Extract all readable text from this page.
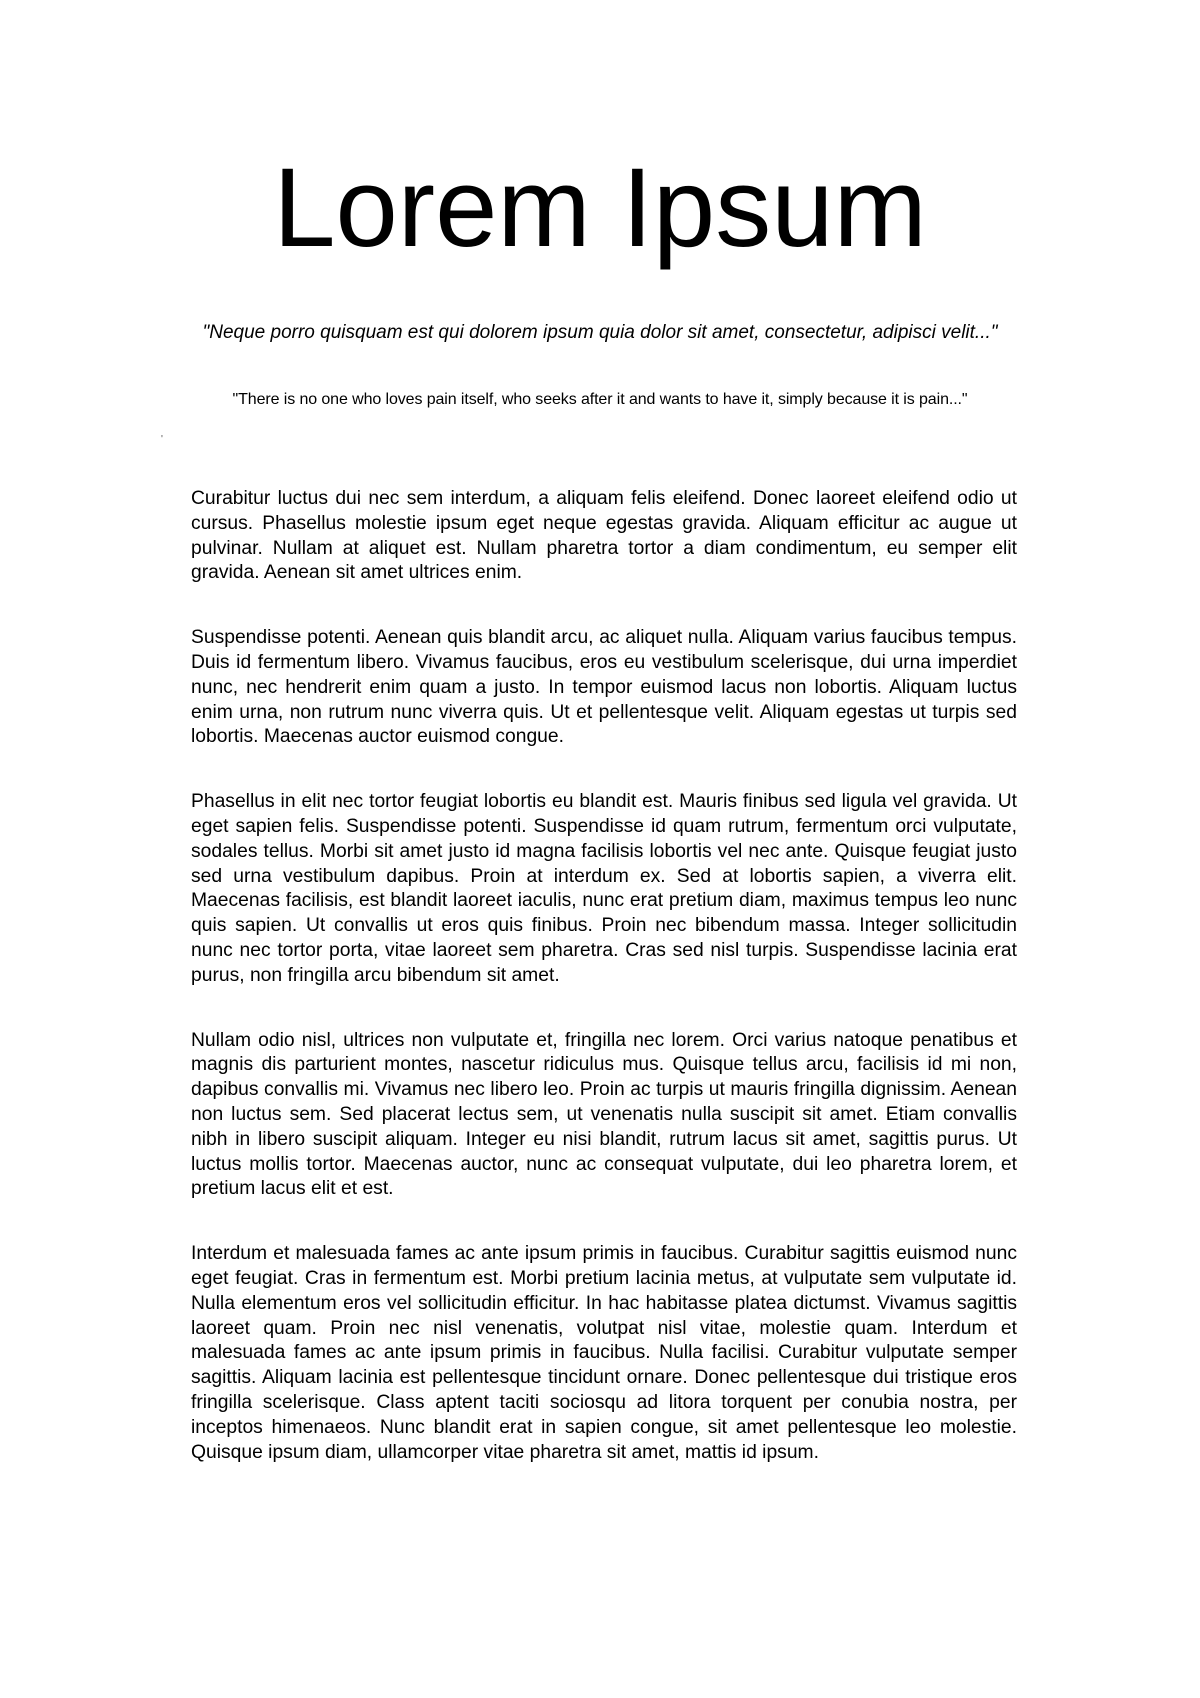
Lorem Ipsum

"Neque porro quisquam est qui dolorem ipsum quia dolor sit amet, consectetur, adipisci velit..."

"There is no one who loves pain itself, who seeks after it and wants to have it, simply because it is pain..."

'

Curabitur luctus dui nec sem interdum, a aliquam felis eleifend. Donec laoreet eleifend odio ut cursus. Phasellus molestie ipsum eget neque egestas gravida. Aliquam efficitur ac augue ut pulvinar. Nullam at aliquet est. Nullam pharetra tortor a diam condimentum, eu semper elit gravida. Aenean sit amet ultrices enim.

Suspendisse potenti. Aenean quis blandit arcu, ac aliquet nulla. Aliquam varius faucibus tempus. Duis id fermentum libero. Vivamus faucibus, eros eu vestibulum scelerisque, dui urna imperdiet nunc, nec hendrerit enim quam a justo. In tempor euismod lacus non lobortis. Aliquam luctus enim urna, non rutrum nunc viverra quis. Ut et pellentesque velit. Aliquam egestas ut turpis sed lobortis. Maecenas auctor euismod congue.

Phasellus in elit nec tortor feugiat lobortis eu blandit est. Mauris finibus sed ligula vel gravida. Ut eget sapien felis. Suspendisse potenti. Suspendisse id quam rutrum, fermentum orci vulputate, sodales tellus. Morbi sit amet justo id magna facilisis lobortis vel nec ante. Quisque feugiat justo sed urna vestibulum dapibus. Proin at interdum ex. Sed at lobortis sapien, a viverra elit. Maecenas facilisis, est blandit laoreet iaculis, nunc erat pretium diam, maximus tempus leo nunc quis sapien. Ut convallis ut eros quis finibus. Proin nec bibendum massa. Integer sollicitudin nunc nec tortor porta, vitae laoreet sem pharetra. Cras sed nisl turpis. Suspendisse lacinia erat purus, non fringilla arcu bibendum sit amet.

Nullam odio nisl, ultrices non vulputate et, fringilla nec lorem. Orci varius natoque penatibus et magnis dis parturient montes, nascetur ridiculus mus. Quisque tellus arcu, facilisis id mi non, dapibus convallis mi. Vivamus nec libero leo. Proin ac turpis ut mauris fringilla dignissim. Aenean non luctus sem. Sed placerat lectus sem, ut venenatis nulla suscipit sit amet. Etiam convallis nibh in libero suscipit aliquam. Integer eu nisi blandit, rutrum lacus sit amet, sagittis purus. Ut luctus mollis tortor. Maecenas auctor, nunc ac consequat vulputate, dui leo pharetra lorem, et pretium lacus elit et est.

Interdum et malesuada fames ac ante ipsum primis in faucibus. Curabitur sagittis euismod nunc eget feugiat. Cras in fermentum est. Morbi pretium lacinia metus, at vulputate sem vulputate id. Nulla elementum eros vel sollicitudin efficitur. In hac habitasse platea dictumst. Vivamus sagittis laoreet quam. Proin nec nisl venenatis, volutpat nisl vitae, molestie quam. Interdum et malesuada fames ac ante ipsum primis in faucibus. Nulla facilisi. Curabitur vulputate semper sagittis. Aliquam lacinia est pellentesque tincidunt ornare. Donec pellentesque dui tristique eros fringilla scelerisque. Class aptent taciti sociosqu ad litora torquent per conubia nostra, per inceptos himenaeos. Nunc blandit erat in sapien congue, sit amet pellentesque leo molestie. Quisque ipsum diam, ullamcorper vitae pharetra sit amet, mattis id ipsum.
